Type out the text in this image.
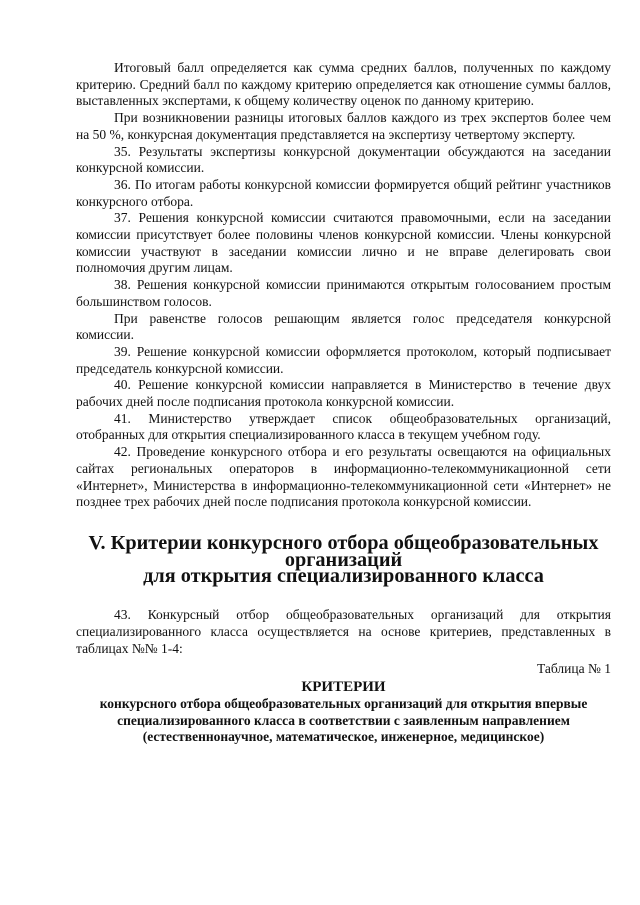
Итоговый балл определяется как сумма средних баллов, полученных по каждому критерию. Средний балл по каждому критерию определяется как отношение суммы баллов, выставленных экспертами, к общему количеству оценок по данному критерию.

При возникновении разницы итоговых баллов каждого из трех экспертов более чем на 50 %, конкурсная документация представляется на экспертизу четвертому эксперту.

35. Результаты экспертизы конкурсной документации обсуждаются на заседании конкурсной комиссии.

36. По итогам работы конкурсной комиссии формируется общий рейтинг участников конкурсного отбора.

37. Решения конкурсной комиссии считаются правомочными, если на заседании комиссии присутствует более половины членов конкурсной комиссии. Члены конкурсной комиссии участвуют в заседании комиссии лично и не вправе делегировать свои полномочия другим лицам.

38. Решения конкурсной комиссии принимаются открытым голосованием простым большинством голосов.

При равенстве голосов решающим является голос председателя конкурсной комиссии.

39. Решение конкурсной комиссии оформляется протоколом, который подписывает председатель конкурсной комиссии.

40. Решение конкурсной комиссии направляется в Министерство в течение двух рабочих дней после подписания протокола конкурсной комиссии.

41. Министерство утверждает список общеобразовательных организаций, отобранных для открытия специализированного класса в текущем учебном году.

42. Проведение конкурсного отбора и его результаты освещаются на официальных сайтах региональных операторов в информационно-телекоммуникационной сети «Интернет», Министерства в информационно-телекоммуникационной сети «Интернет» не позднее трех рабочих дней после подписания протокола конкурсной комиссии.

V. Критерии конкурсного отбора общеобразовательных организаций
для открытия специализированного класса

43. Конкурсный отбор общеобразовательных организаций для открытия специализированного класса осуществляется на основе критериев, представленных в таблицах №№ 1-4:

Таблица № 1

КРИТЕРИИ

конкурсного отбора общеобразовательных организаций для открытия впервые специализированного класса в соответствии с заявленным направлением (естественнонаучное, математическое, инженерное, медицинское)
